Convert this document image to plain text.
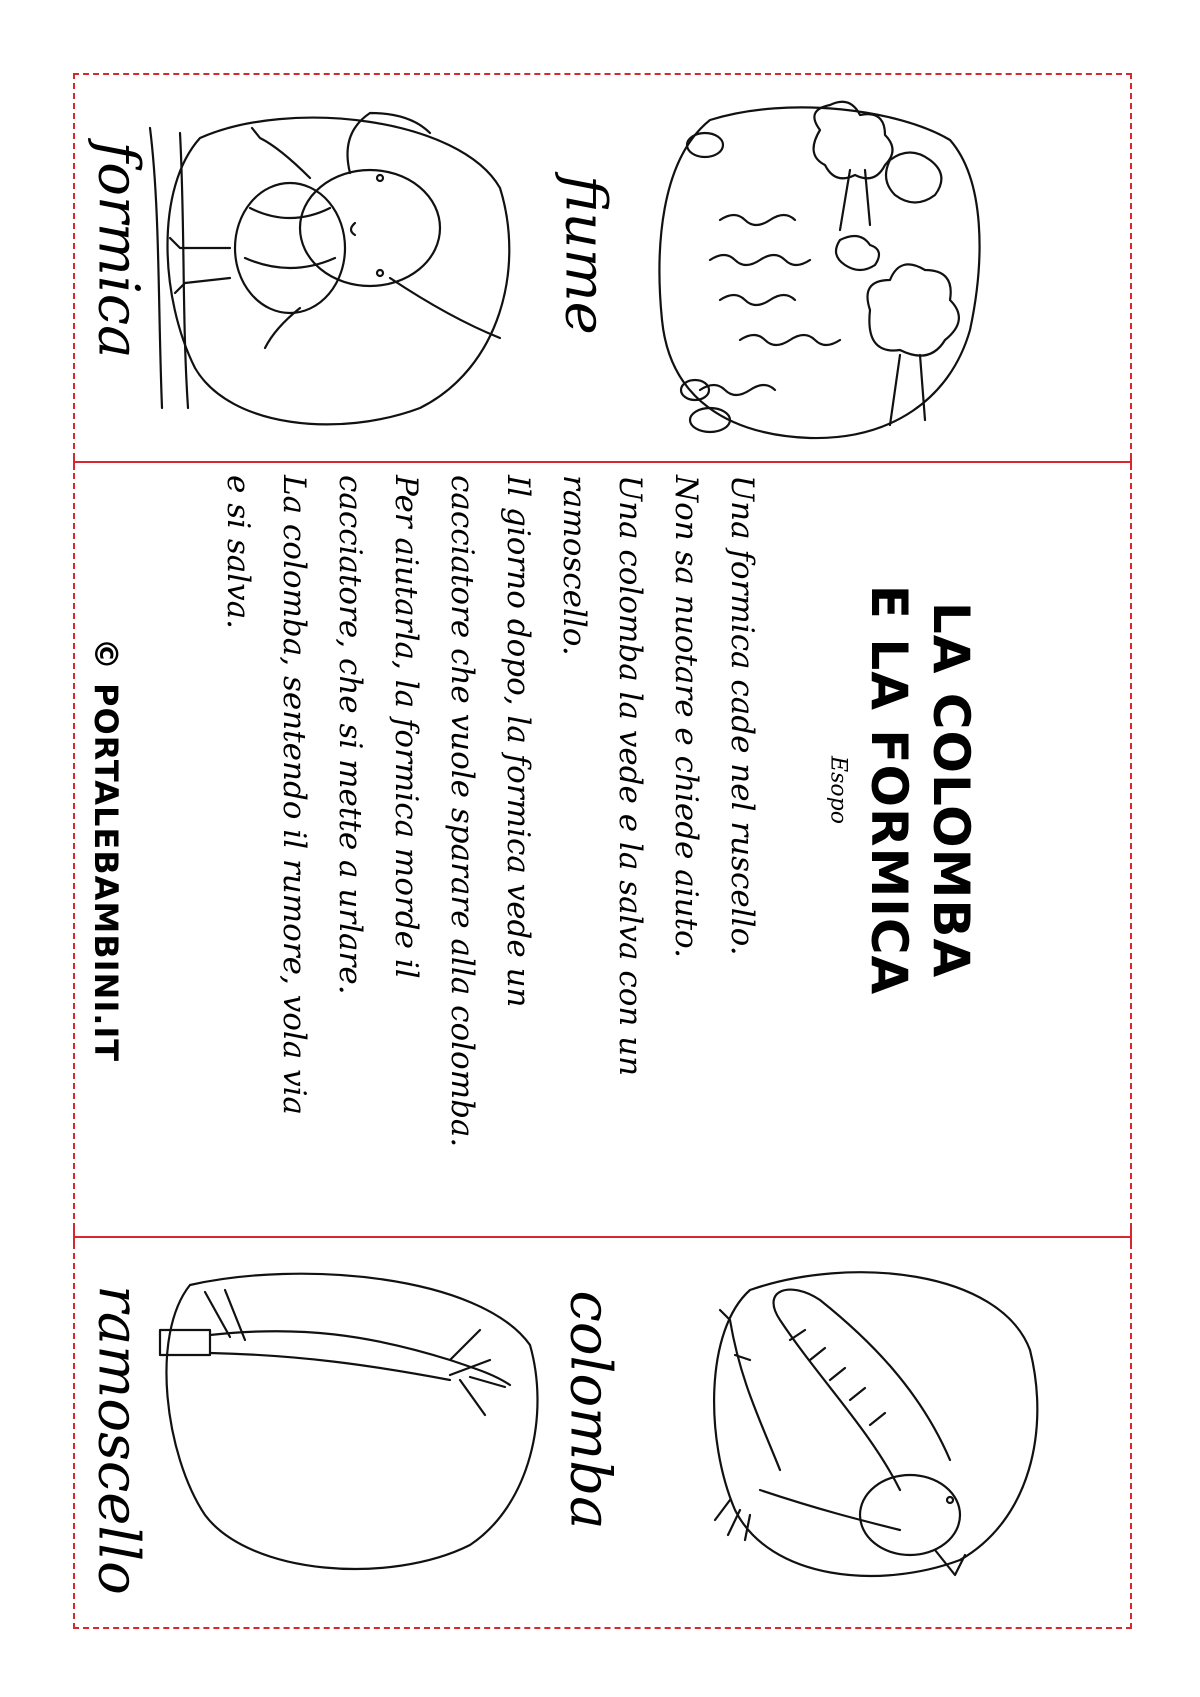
fiume
formica
LA COLOMBA
E LA FORMICA
Esopo

Una formica cade nel ruscello.

Non sa nuotare e chiede aiuto.

Una colomba la vede e la salva con un

ramoscello.

Il giorno dopo, la formica vede un

cacciatore che vuole sparare alla colomba.

Per aiutarla, la formica morde il

cacciatore, che si mette a urlare.

La colomba, sentendo il rumore, vola via

e si salva.

© PORTALEBAMBINI.IT
colomba
ramoscello
